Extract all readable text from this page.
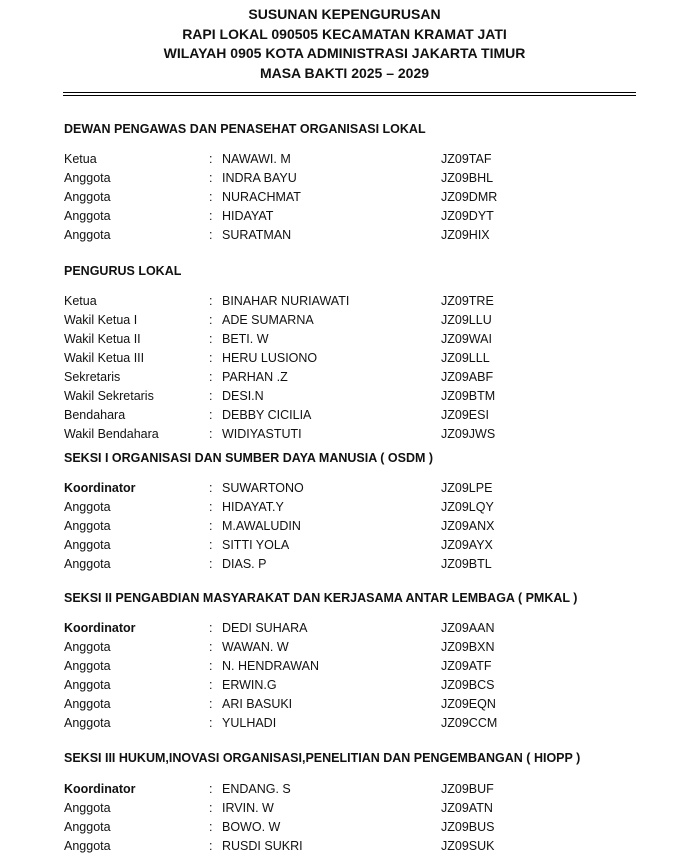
SUSUNAN KEPENGURUSAN
RAPI LOKAL 090505 KECAMATAN KRAMAT JATI
WILAYAH 0905 KOTA ADMINISTRASI JAKARTA TIMUR
MASA BAKTI 2025 – 2029
DEWAN PENGAWAS DAN PENASEHAT ORGANISASI LOKAL
Ketua	: NAWAWI. M	JZ09TAF
Anggota	: INDRA BAYU	JZ09BHL
Anggota	: NURACHMAT	JZ09DMR
Anggota	: HIDAYAT	JZ09DYT
Anggota	: SURATMAN	JZ09HIX
PENGURUS LOKAL
Ketua	: BINAHAR NURIAWATI	JZ09TRE
Wakil Ketua I	: ADE SUMARNA	JZ09LLU
Wakil Ketua II	: BETI. W	JZ09WAI
Wakil Ketua III	: HERU LUSIONO	JZ09LLL
Sekretaris	: PARHAN .Z	JZ09ABF
Wakil Sekretaris	: DESI.N	JZ09BTM
Bendahara	: DEBBY CICILIA	JZ09ESI
Wakil Bendahara	: WIDIYASTUTI	JZ09JWS
SEKSI I ORGANISASI DAN SUMBER DAYA MANUSIA ( OSDM )
Koordinator	: SUWARTONO	JZ09LPE
Anggota	: HIDAYAT.Y	JZ09LQY
Anggota	: M.AWALUDIN	JZ09ANX
Anggota	: SITTI YOLA	JZ09AYX
Anggota	: DIAS. P	JZ09BTL
SEKSI II PENGABDIAN MASYARAKAT DAN KERJASAMA ANTAR LEMBAGA ( PMKAL )
Koordinator	: DEDI SUHARA	JZ09AAN
Anggota	: WAWAN. W	JZ09BXN
Anggota	: N. HENDRAWAN	JZ09ATF
Anggota	: ERWIN.G	JZ09BCS
Anggota	: ARI BASUKI	JZ09EQN
Anggota	: YULHADI	JZ09CCM
SEKSI III HUKUM,INOVASI ORGANISASI,PENELITIAN DAN PENGEMBANGAN ( HIOPP )
Koordinator	: ENDANG. S	JZ09BUF
Anggota	: IRVIN. W	JZ09ATN
Anggota	: BOWO. W	JZ09BUS
Anggota	: RUSDI SUKRI	JZ09SUK
